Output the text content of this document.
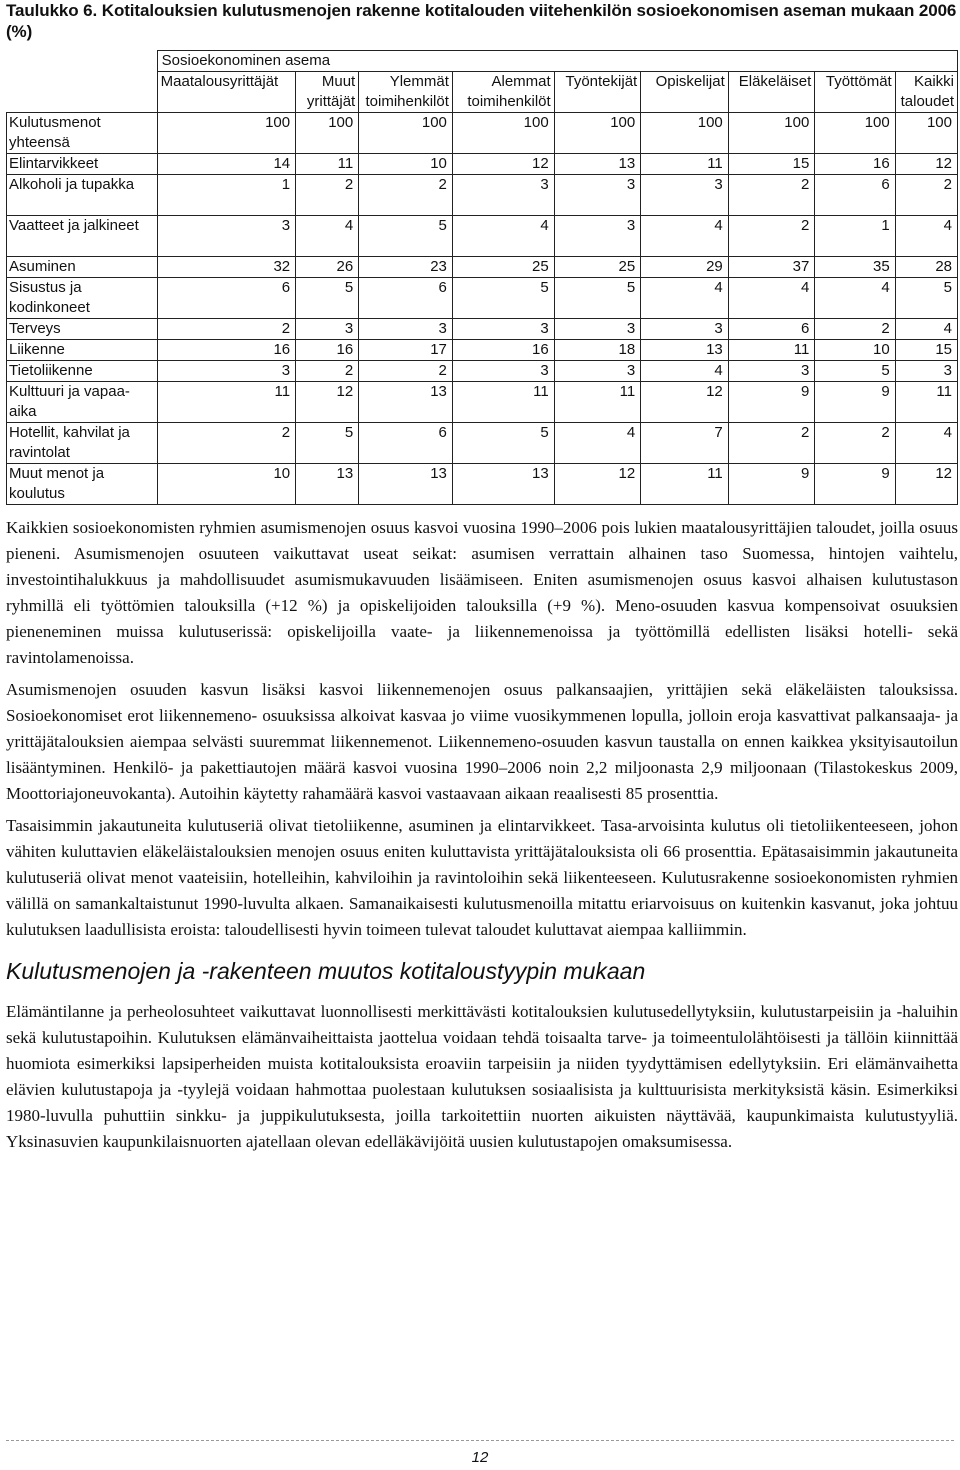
Taulukko 6. Kotitalouksien kulutusmenojen rakenne kotitalouden viitehenkilön sosioekonomisen aseman mukaan 2006 (%)

	Sosioekonominen asema								
	Maatalousyrittäjät	Muut yrittäjät	Ylemmät toimihenkilöt	Alemmat toimihenkilöt	Työntekijät	Opiskelijat	Eläkeläiset	Työttömät	Kaikki taloudet
Kulutusmenot yhteensä	100	100	100	100	100	100	100	100	100
Elintarvikkeet	14	11	10	12	13	11	15	16	12
Alkoholi ja tupakka	1	2	2	3	3	3	2	6	2
Vaatteet ja jalkineet	3	4	5	4	3	4	2	1	4
Asuminen	32	26	23	25	25	29	37	35	28
Sisustus ja kodinkoneet	6	5	6	5	5	4	4	4	5
Terveys	2	3	3	3	3	3	6	2	4
Liikenne	16	16	17	16	18	13	11	10	15
Tietoliikenne	3	2	2	3	3	4	3	5	3
Kulttuuri ja vapaa-aika	11	12	13	11	11	12	9	9	11
Hotellit, kahvilat ja ravintolat	2	5	6	5	4	7	2	2	4
Muut menot ja koulutus	10	13	13	13	12	11	9	9	12

Kaikkien sosioekonomisten ryhmien asumismenojen osuus kasvoi vuosina 1990–2006 pois lukien maatalousyrittäjien taloudet, joilla osuus pieneni. Asumismenojen osuuteen vaikuttavat useat seikat: asumisen verrattain alhainen taso Suomessa, hintojen vaihtelu, investointihalukkuus ja mahdollisuudet asumismukavuuden lisäämiseen. Eniten asumismenojen osuus kasvoi alhaisen kulutustason ryhmillä eli työttömien talouksilla (+12 %) ja opiskelijoiden talouksilla (+9 %). Meno-osuuden kasvua kompensoivat osuuksien pieneneminen muissa kulutuserissä: opiskelijoilla vaate- ja liikennemenoissa ja työttömillä edellisten lisäksi hotelli- sekä ravintolamenoissa.

Asumismenojen osuuden kasvun lisäksi kasvoi liikennemenojen osuus palkansaajien, yrittäjien sekä eläkeläisten talouksissa. Sosioekonomiset erot liikennemeno- osuuksissa alkoivat kasvaa jo viime vuosikymmenen lopulla, jolloin eroja kasvattivat palkansaaja- ja yrittäjätalouksien aiempaa selvästi suuremmat liikennemenot. Liikennemeno-osuuden kasvun taustalla on ennen kaikkea yksityisautoilun lisääntyminen. Henkilö- ja pakettiautojen määrä kasvoi vuosina 1990–2006 noin 2,2 miljoonasta 2,9 miljoonaan (Tilastokeskus 2009, Moottoriajoneuvokanta). Autoihin käytetty rahamäärä kasvoi vastaavaan aikaan reaalisesti 85 prosenttia.

Tasaisimmin jakautuneita kulutuseriä olivat tietoliikenne, asuminen ja elintarvikkeet. Tasa-arvoisinta kulutus oli tietoliikenteeseen, johon vähiten kuluttavien eläkeläistalouksien menojen osuus eniten kuluttavista yrittäjätalouksista oli 66 prosenttia. Epätasaisimmin jakautuneita kulutuseriä olivat menot vaateisiin, hotelleihin, kahviloihin ja ravintoloihin sekä liikenteeseen. Kulutusrakenne sosioekonomisten ryhmien välillä on samankaltaistunut 1990-luvulta alkaen. Samanaikaisesti kulutusmenoilla mitattu eriarvoisuus on kuitenkin kasvanut, joka johtuu kulutuksen laadullisista eroista: taloudellisesti hyvin toimeen tulevat taloudet kuluttavat aiempaa kalliimmin.

Kulutusmenojen ja -rakenteen muutos kotitaloustyypin mukaan

Elämäntilanne ja perheolosuhteet vaikuttavat luonnollisesti merkittävästi kotitalouksien kulutusedellytyksiin, kulutustarpeisiin ja -haluihin sekä kulutustapoihin. Kulutuksen elämänvaiheittaista jaottelua voidaan tehdä toisaalta tarve- ja toimeentulolähtöisesti ja tällöin kiinnittää huomiota esimerkiksi lapsiperheiden muista kotitalouksista eroaviin tarpeisiin ja niiden tyydyttämisen edellytyksiin. Eri elämänvaihetta elävien kulutustapoja ja -tyylejä voidaan hahmottaa puolestaan kulutuksen sosiaalisista ja kulttuurisista merkityksistä käsin. Esimerkiksi 1980-luvulla puhuttiin sinkku- ja juppikulutuksesta, joilla tarkoitettiin nuorten aikuisten näyttävää, kaupunkimaista kulutustyyliä. Yksinasuvien kaupunkilaisnuorten ajatellaan olevan edelläkävijöitä uusien kulutustapojen omaksumisessa.

12
